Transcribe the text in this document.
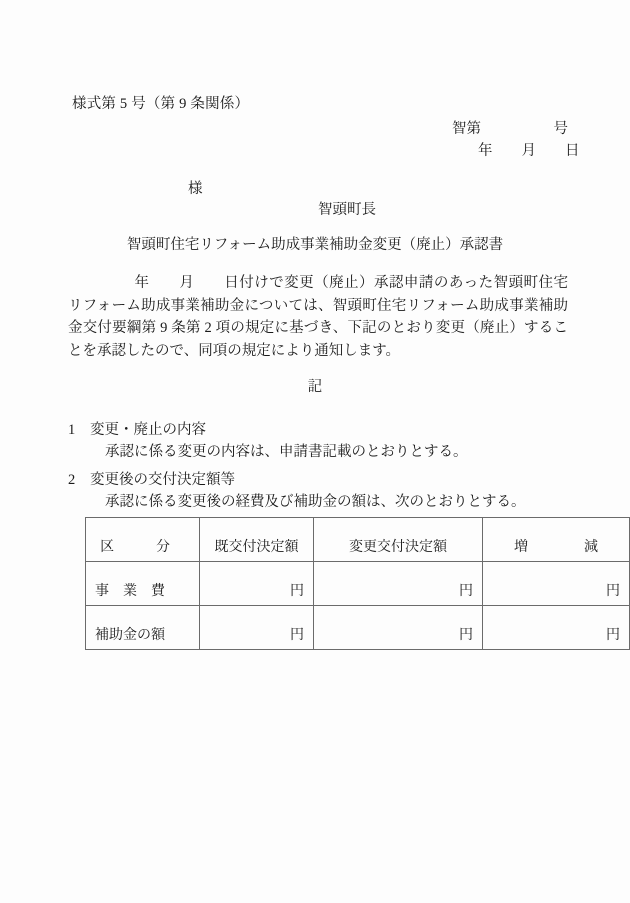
様式第 5 号（第 9 条関係）
智第　　　　　号
年　　月　　日
様
智頭町長
智頭町住宅リフォーム助成事業補助金変更（廃止）承認書
年　　月　　日付けで変更（廃止）承認申請のあった智頭町住宅リフォーム助成事業補助金については、智頭町住宅リフォーム助成事業補助金交付要綱第 9 条第 2 項の規定に基づき、下記のとおり変更（廃止）することを承認したので、同項の規定により通知します。
記
1 変更・廃止の内容
承認に係る変更の内容は、申請書記載のとおりとする。
2 変更後の交付決定額等
承認に係る変更後の経費及び補助金の額は、次のとおりとする。
区　　　分	既交付決定額	変更交付決定額	増　　　　減
事　業　費	円	円	円
補助金の額	円	円	円
